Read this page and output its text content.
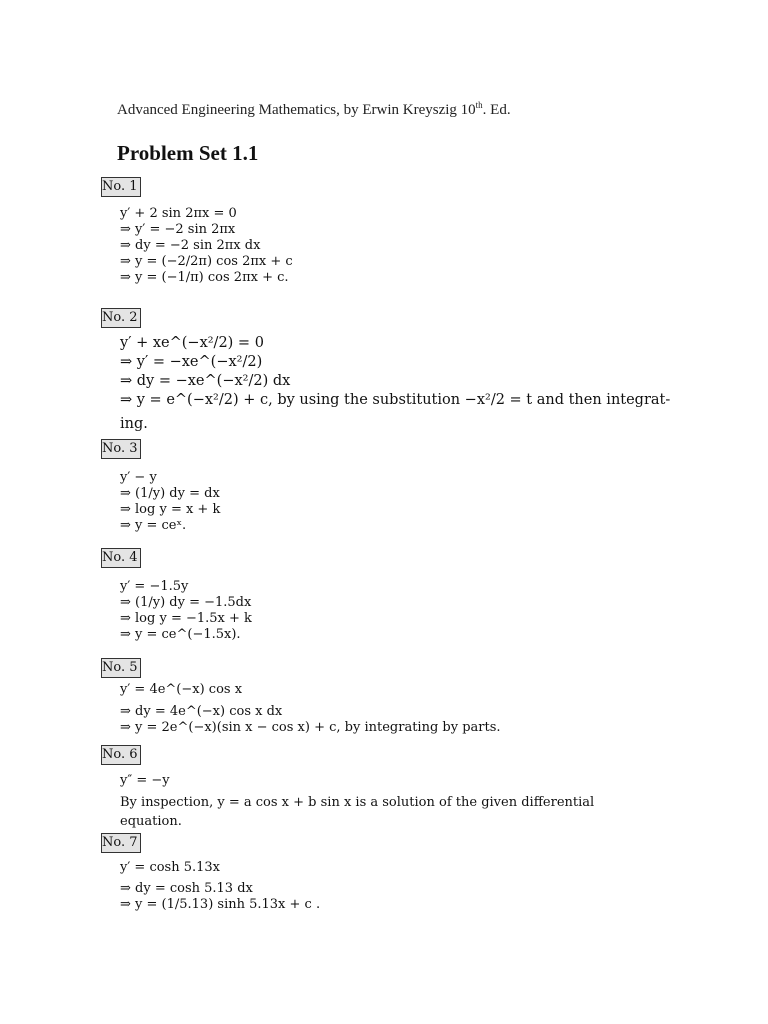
Advanced Engineering Mathematics, by Erwin Kreyszig 10th. Ed.
Problem Set 1.1
No. 1
y′ + 2 sin 2πx = 0
⇒ y′ = −2 sin 2πx
⇒ dy = −2 sin 2πx dx
⇒ y = (−2/2π) cos 2πx + c
⇒ y = (−1/π) cos 2πx + c.
No. 2
y′ + xe^(−x²/2) = 0
⇒ y′ = −xe^(−x²/2)
⇒ dy = −xe^(−x²/2) dx
⇒ y = e^(−x²/2) + c, by using the substitution −x²/2 = t and then integrat-
ing.
No. 3
y′ − y
⇒ (1/y) dy = dx
⇒ log y = x + k
⇒ y = ceˣ.
No. 4
y′ = −1.5y
⇒ (1/y) dy = −1.5dx
⇒ log y = −1.5x + k
⇒ y = ce^(−1.5x).
No. 5
y′ = 4e^(−x) cos x
⇒ dy = 4e^(−x) cos x dx
⇒ y = 2e^(−x)(sin x − cos x) + c, by integrating by parts.
No. 6
y″ = −y
By inspection, y = a cos x + b sin x is a solution of the given differential
equation.
No. 7
y′ = cosh 5.13x
⇒ dy = cosh 5.13 dx
⇒ y = (1/5.13) sinh 5.13x + c .
